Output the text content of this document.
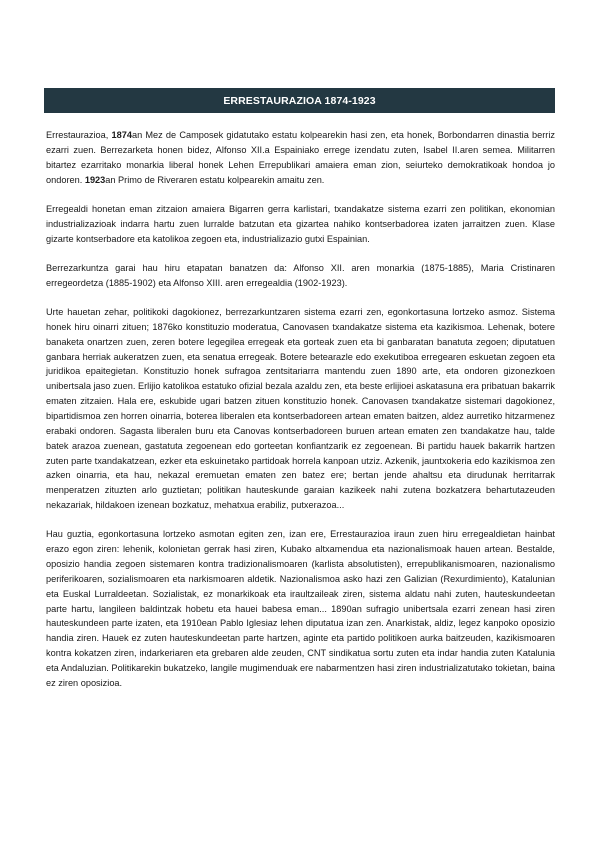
ERRESTAURAZIOA 1874-1923

Errestaurazioa, 1874an Mez de Camposek gidatutako estatu kolpearekin hasi zen, eta honek, Borbondarren dinastia berriz ezarri zuen. Berrezarketa honen bidez, Alfonso XII.a Espainiako errege izendatu zuten, Isabel II.aren semea. Militarren bitartez ezarritako monarkia liberal honek Lehen Errepublikari amaiera eman zion, seiurteko demokratikoak hondoa jo ondoren. 1923an Primo de Riveraren estatu kolpearekin amaitu zen.

Erregealdi honetan eman zitzaion amaiera Bigarren gerra karlistari, txandakatze sistema ezarri zen politikan, ekonomian industrializazioak indarra hartu zuen lurralde batzutan eta gizartea nahiko kontserbadorea izaten jarraitzen zuen. Klase gizarte kontserbadore eta katolikoa zegoen eta, industrializazio gutxi Espainian.

Berrezarkuntza garai hau hiru etapatan banatzen da: Alfonso XII. aren monarkia (1875-1885), Maria Cristinaren erregeordetza (1885-1902) eta Alfonso XIII. aren erregealdia (1902-1923).

Urte hauetan zehar, politikoki dagokionez, berrezarkuntzaren sistema ezarri zen, egonkortasuna lortzeko asmoz. Sistema honek hiru oinarri zituen; 1876ko konstituzio moderatua, Canovasen txandakatze sistema eta kazikismoa. Lehenak, botere banaketa onartzen zuen, zeren botere legegilea erregeak eta gorteak zuen eta bi ganbaratan banatuta zegoen; diputatuen ganbara herriak aukeratzen zuen, eta senatua erregeak. Botere betearazle edo exekutiboa erregearen eskuetan zegoen eta juridikoa epaitegietan. Konstituzio honek sufragoa zentsitariarra mantendu zuen 1890 arte, eta ondoren gizonezkoen unibertsala jaso zuen. Erlijio katolikoa estatuko ofizial bezala azaldu zen, eta beste erlijioei askatasuna era pribatuan bakarrik ematen zitzaien. Hala ere, eskubide ugari batzen zituen konstituzio honek. Canovasen txandakatze sistemari dagokionez, bipartidismoa zen horren oinarria, boterea liberalen eta kontserbadoreen artean ematen baitzen, aldez aurretiko hitzarmenez erabaki ondoren. Sagasta liberalen buru eta Canovas kontserbadoreen buruen artean ematen zen txandakatze hau, talde batek arazoa zuenean, gastatuta zegoenean edo gorteetan konfiantzarik ez zegoenean. Bi partidu hauek bakarrik hartzen zuten parte txandakatzean, ezker eta eskuinetako partidoak horrela kanpoan utziz. Azkenik, jauntxokeria edo kazikismoa zen azken oinarria, eta hau, nekazal eremuetan ematen zen batez ere; bertan jende ahaltsu eta dirudunak herritarrak menperatzen zituzten arlo guztietan; politikan hauteskunde garaian kazikeek nahi zutena bozkatzera behartutazeuden nekazariak, hildakoen izenean bozkatuz, mehatxua erabiliz, putxerazoa...

Hau guztia, egonkortasuna lortzeko asmotan egiten zen, izan ere, Errestaurazioa iraun zuen hiru erregealdietan hainbat erazo egon ziren: lehenik, kolonietan gerrak hasi ziren, Kubako altxamendua eta nazionalismoak hauen artean. Bestalde, oposizio handia zegoen sistemaren kontra tradizionalismoaren (karlista absolutisten), errepublikanismoaren, nazionalismo periferikoaren, sozialismoaren eta narkismoaren aldetik. Nazionalismoa asko hazi zen Galizian (Rexurdimiento), Katalunian eta Euskal Lurraldeetan. Sozialistak, ez monarkikoak eta iraultzaileak ziren, sistema aldatu nahi zuten, hauteskundeetan parte hartu, langileen baldintzak hobetu eta hauei babesa eman... 1890an sufragio unibertsala ezarri zenean hasi ziren hauteskundeen parte izaten, eta 1910ean Pablo Iglesiaz lehen diputatua izan zen. Anarkistak, aldiz, legez kanpoko oposizio handia ziren. Hauek ez zuten hauteskundeetan parte hartzen, aginte eta partido politikoen aurka baitzeuden, kazikismoaren kontra kokatzen ziren, indarkeriaren eta grebaren alde zeuden, CNT sindikatua sortu zuten eta indar handia zuten Katalunia eta Andaluzian. Politikarekin bukatzeko, langile mugimenduak ere nabarmentzen hasi ziren industrializatutako tokietan, baina ez ziren oposizioa.
